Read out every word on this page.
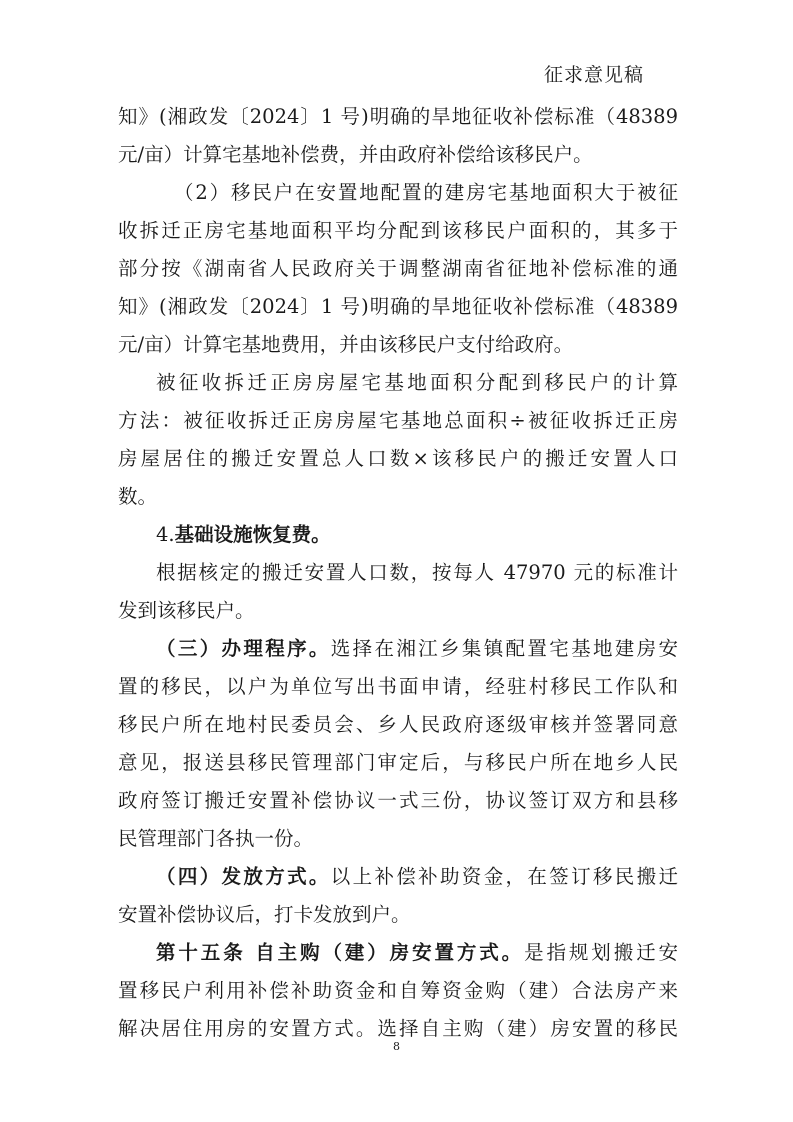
征求意见稿
知》(湘政发〔2024〕1 号)明确的旱地征收补偿标准（48389
元/亩）计算宅基地补偿费，并由政府补偿给该移民户。
（2）移民户在安置地配置的建房宅基地面积大于被征
收拆迁正房宅基地面积平均分配到该移民户面积的，其多于
部分按《湖南省人民政府关于调整湖南省征地补偿标准的通
知》(湘政发〔2024〕1 号)明确的旱地征收补偿标准（48389
元/亩）计算宅基地费用，并由该移民户支付给政府。
被征收拆迁正房房屋宅基地面积分配到移民户的计算
方法：被征收拆迁正房房屋宅基地总面积÷被征收拆迁正房
房屋居住的搬迁安置总人口数×该移民户的搬迁安置人口
数。
4.基础设施恢复费。
根据核定的搬迁安置人口数，按每人 47970 元的标准计
发到该移民户。
（三）办理程序。选择在湘江乡集镇配置宅基地建房安
置的移民，以户为单位写出书面申请，经驻村移民工作队和
移民户所在地村民委员会、乡人民政府逐级审核并签署同意
意见，报送县移民管理部门审定后，与移民户所在地乡人民
政府签订搬迁安置补偿协议一式三份，协议签订双方和县移
民管理部门各执一份。
（四）发放方式。以上补偿补助资金，在签订移民搬迁
安置补偿协议后，打卡发放到户。
第十五条 自主购（建）房安置方式。是指规划搬迁安
置移民户利用补偿补助资金和自筹资金购（建）合法房产来
解决居住用房的安置方式。选择自主购（建）房安置的移民
8
